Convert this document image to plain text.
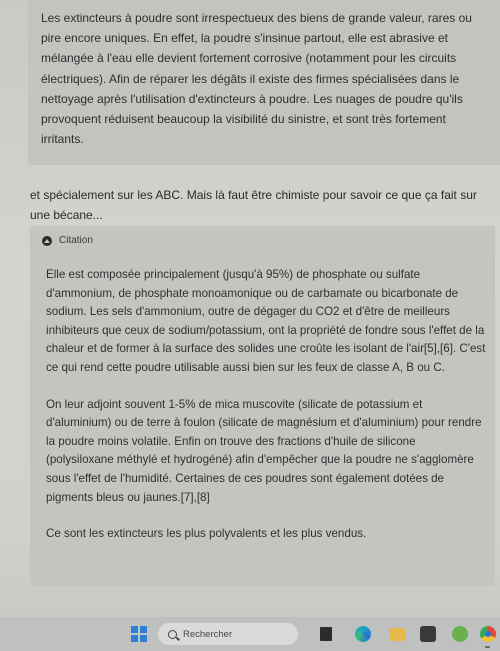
Les extincteurs à poudre sont irrespectueux des biens de grande valeur, rares ou pire encore uniques. En effet, la poudre s'insinue partout, elle est abrasive et mélangée à l'eau elle devient fortement corrosive (notamment pour les circuits électriques). Afin de réparer les dégâts il existe des firmes spécialisées dans le nettoyage après l'utilisation d'extincteurs à poudre. Les nuages de poudre qu'ils provoquent réduisent beaucoup la visibilité du sinistre, et sont très fortement irritants.

et spécialement sur les ABC. Mais là faut être chimiste pour savoir ce que ça fait sur une bécane...
Citation

Elle est composée principalement (jusqu'à 95%) de phosphate ou sulfate d'ammonium, de phosphate monoamonique ou de carbamate ou bicarbonate de sodium. Les sels d'ammonium, outre de dégager du CO2 et d'être de meilleurs inhibiteurs que ceux de sodium/potassium, ont la propriété de fondre sous l'effet de la chaleur et de former à la surface des solides une croûte les isolant de l'air[5],[6]. C'est ce qui rend cette poudre utilisable aussi bien sur les feux de classe A, B ou C.

On leur adjoint souvent 1-5% de mica muscovite (silicate de potassium et d'aluminium) ou de terre à foulon (silicate de magnésium et d'aluminium) pour rendre la poudre moins volatile. Enfin on trouve des fractions d'huile de silicone (polysiloxane méthylé et hydrogéné) afin d'empêcher que la poudre ne s'agglomère sous l'effet de l'humidité. Certaines de ces poudres sont également dotées de pigments bleus ou jaunes.[7],[8]

Ce sont les extincteurs les plus polyvalents et les plus vendus.

Rechercher
